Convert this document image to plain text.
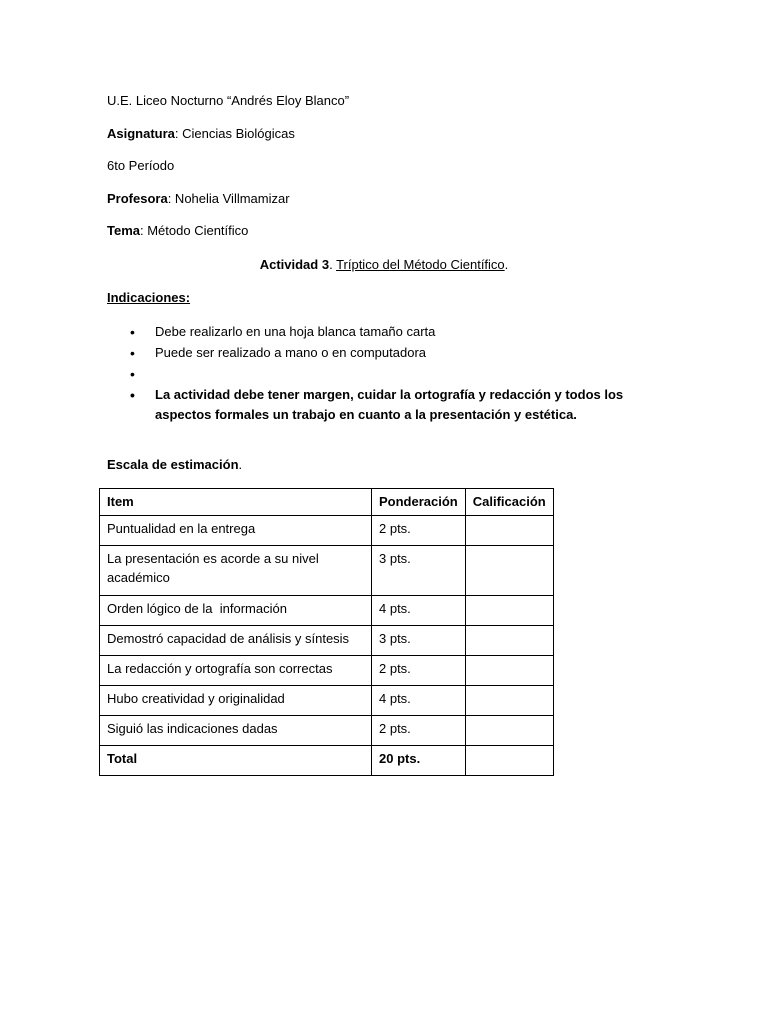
U.E. Liceo Nocturno “Andrés Eloy Blanco”
Asignatura: Ciencias Biológicas
6to Período
Profesora: Nohelia Villmamizar
Tema: Método Científico
Actividad 3. Tríptico del Método Científico.
Indicaciones:
• Debe realizarlo en una hoja blanca tamaño carta
• Puede ser realizado a mano o en computadora
•
• La actividad debe tener margen, cuidar la ortografía y redacción y todos los aspectos formales un trabajo en cuanto a la presentación y estética.
Escala de estimación.
Item	Ponderación	Calificación
Puntualidad en la entrega	2 pts.	
La presentación es acorde a su nivel académico	3 pts.	
Orden lógico de la  información	4 pts.	
Demostró capacidad de análisis y síntesis	3 pts.	
La redacción y ortografía son correctas	2 pts.	
Hubo creatividad y originalidad	4 pts.	
Siguió las indicaciones dadas	2 pts.	
Total	20 pts.	
